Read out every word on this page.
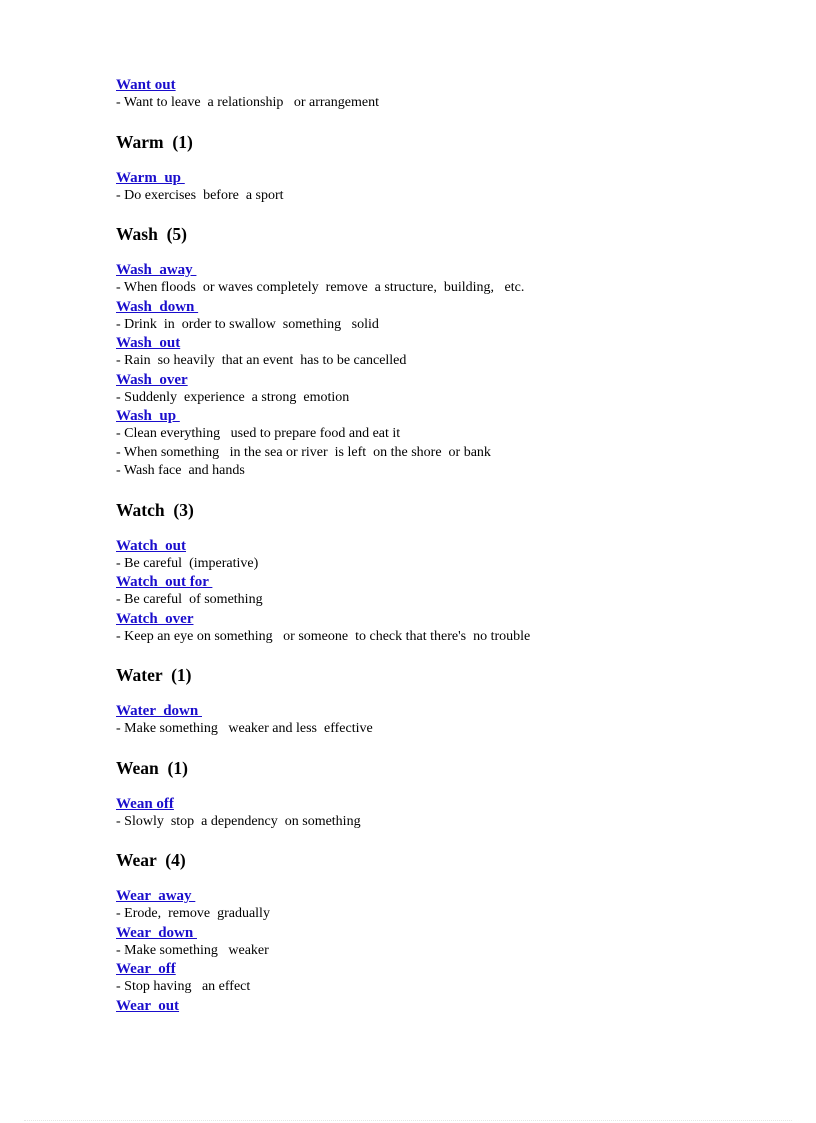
Want out
- Want to leave  a relationship   or arrangement
Warm  (1)
Warm  up
- Do exercises  before  a sport
Wash  (5)
Wash  away
- When floods  or waves completely  remove  a structure,  building,   etc.
Wash  down
- Drink  in  order to swallow  something   solid
Wash  out
- Rain  so heavily  that an event  has to be cancelled
Wash  over
- Suddenly  experience  a strong  emotion
Wash  up
- Clean everything   used to prepare food and eat it
- When something   in the sea or river  is left  on the shore  or bank
- Wash face  and hands
Watch  (3)
Watch  out
- Be careful  (imperative)
Watch  out for
- Be careful  of something
Watch  over
- Keep an eye on something   or someone  to check that there's  no trouble
Water  (1)
Water  down
- Make something   weaker and less  effective
Wean  (1)
Wean off
- Slowly  stop  a dependency  on something
Wear  (4)
Wear  away
- Erode,  remove  gradually
Wear  down
- Make something   weaker
Wear  off
- Stop having   an effect
Wear  out
